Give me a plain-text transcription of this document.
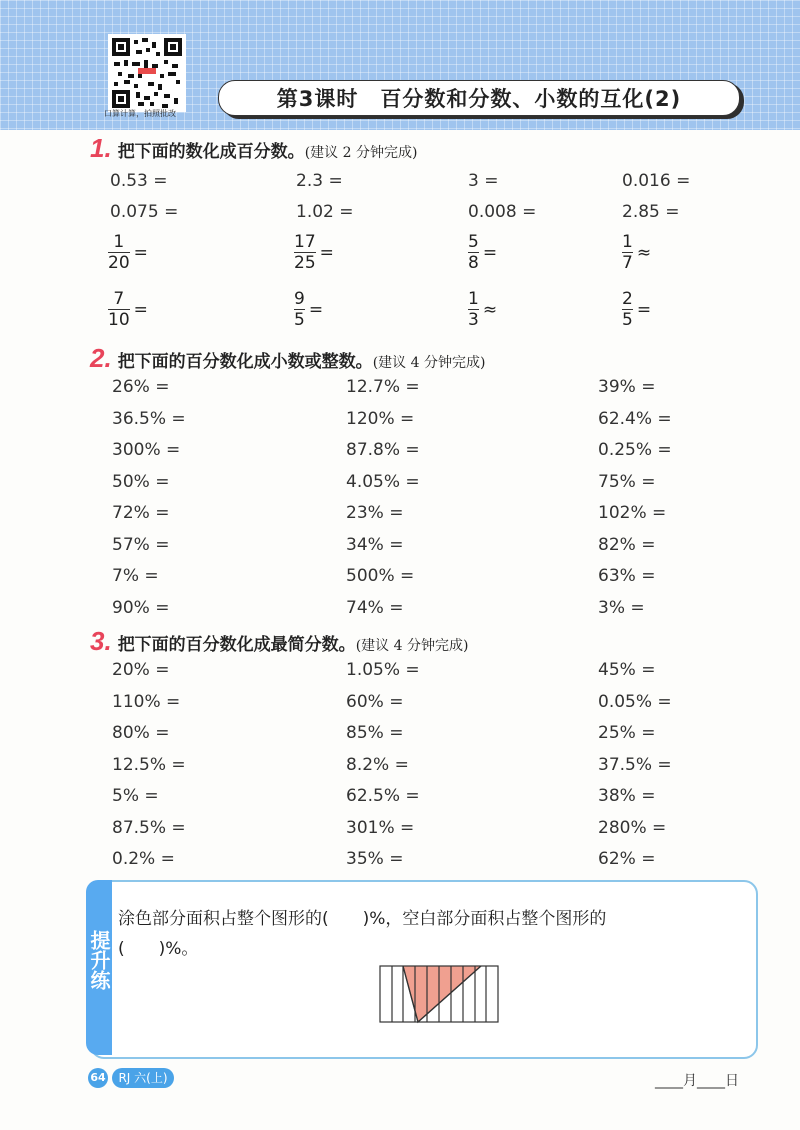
口算计算，拍照批改
第3课时　百分数和分数、小数的互化(2)
1. 把下面的数化成百分数。(建议 2 分钟完成)
0.53 =	2.3 =	3 =	0.016 =
0.075 =	1.02 =	0.008 =	2.85 =
$\frac{1}{20}$ =	$\frac{17}{25}$ =	$\frac{5}{8}$ =	$\frac{1}{7}$ ≈
$\frac{7}{10}$ =	$\frac{9}{5}$ =	$\frac{1}{3}$ ≈	$\frac{2}{5}$ =
2. 把下面的百分数化成小数或整数。(建议 4 分钟完成)
26% =	12.7% =	39% =
36.5% =	120% =	62.4% =
300% =	87.8% =	0.25% =
50% =	4.05% =	75% =
72% =	23% =	102% =
57% =	34% =	82% =
7% =	500% =	63% =
90% =	74% =	3% =
3. 把下面的百分数化成最简分数。(建议 4 分钟完成)
20% =	1.05% =	45% =
110% =	60% =	0.05% =
80% =	85% =	25% =
12.5% =	8.2% =	37.5% =
5% =	62.5% =	38% =
87.5% =	301% =	280% =
0.2% =	35% =	62% =
提升练
涂色部分面积占整个图形的(　　)%，空白部分面积占整个图形的
(　　)%。
64	RJ 六(上)	____月____日
